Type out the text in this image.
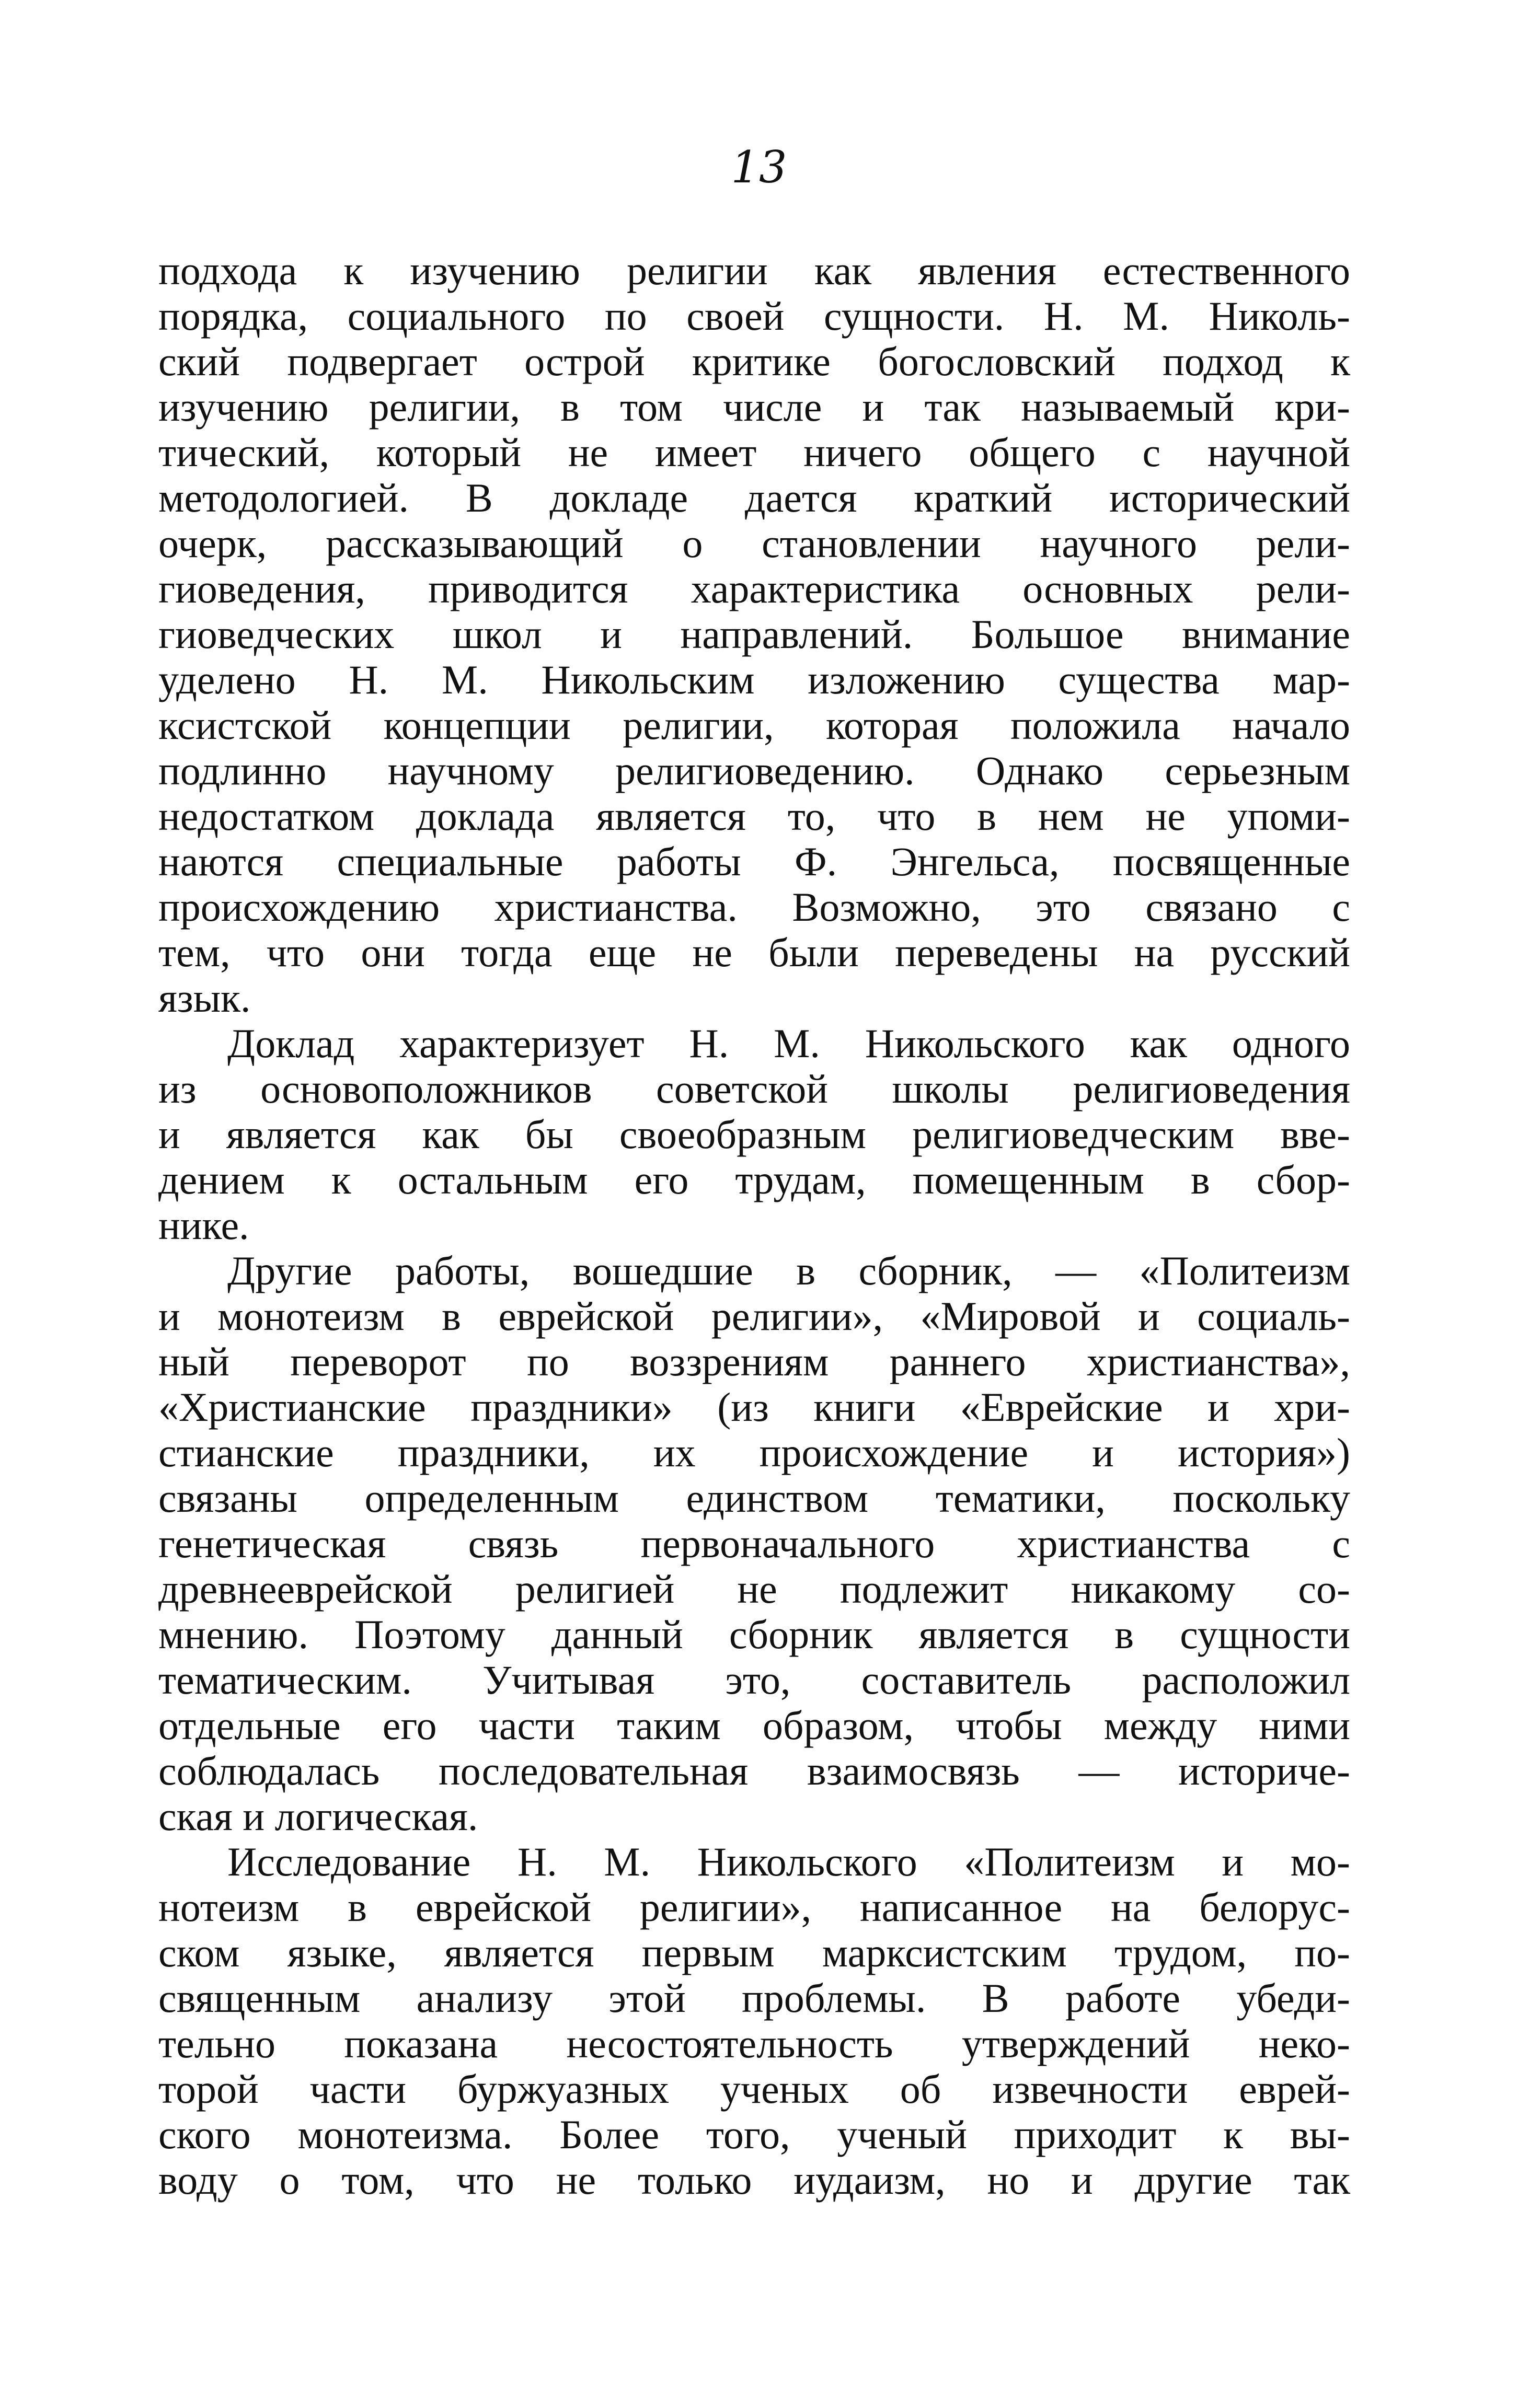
13
подхода к изучению религии как явления естественного
порядка, социального по своей сущности. Н. М. Николь-
ский подвергает острой критике богословский подход к
изучению религии, в том числе и так называемый кри-
тический, который не имеет ничего общего с научной
методологией. В докладе дается краткий исторический
очерк, рассказывающий о становлении научного рели-
гиоведения, приводится характеристика основных рели-
гиоведческих школ и направлений. Большое внимание
уделено Н. М. Никольским изложению существа мар-
ксистской концепции религии, которая положила начало
подлинно научному религиоведению. Однако серьезным
недостатком доклада является то, что в нем не упоми-
наются специальные работы Ф. Энгельса, посвященные
происхождению христианства. Возможно, это связано с
тем, что они тогда еще не были переведены на русский
язык.
Доклад характеризует Н. М. Никольского как одного
из основоположников советской школы религиоведения
и является как бы своеобразным религиоведческим вве-
дением к остальным его трудам, помещенным в сбор-
нике.
Другие работы, вошедшие в сборник, — «Политеизм
и монотеизм в еврейской религии», «Мировой и социаль-
ный переворот по воззрениям раннего христианства»,
«Христианские праздники» (из книги «Еврейские и хри-
стианские праздники, их происхождение и история»)
связаны определенным единством тематики, поскольку
генетическая связь первоначального христианства с
древнееврейской религией не подлежит никакому со-
мнению. Поэтому данный сборник является в сущности
тематическим. Учитывая это, составитель расположил
отдельные его части таким образом, чтобы между ними
соблюдалась последовательная взаимосвязь — историче-
ская и логическая.
Исследование Н. М. Никольского «Политеизм и мо-
нотеизм в еврейской религии», написанное на белорус-
ском языке, является первым марксистским трудом, по-
священным анализу этой проблемы. В работе убеди-
тельно показана несостоятельность утверждений неко-
торой части буржуазных ученых об извечности еврей-
ского монотеизма. Более того, ученый приходит к вы-
воду о том, что не только иудаизм, но и другие так
